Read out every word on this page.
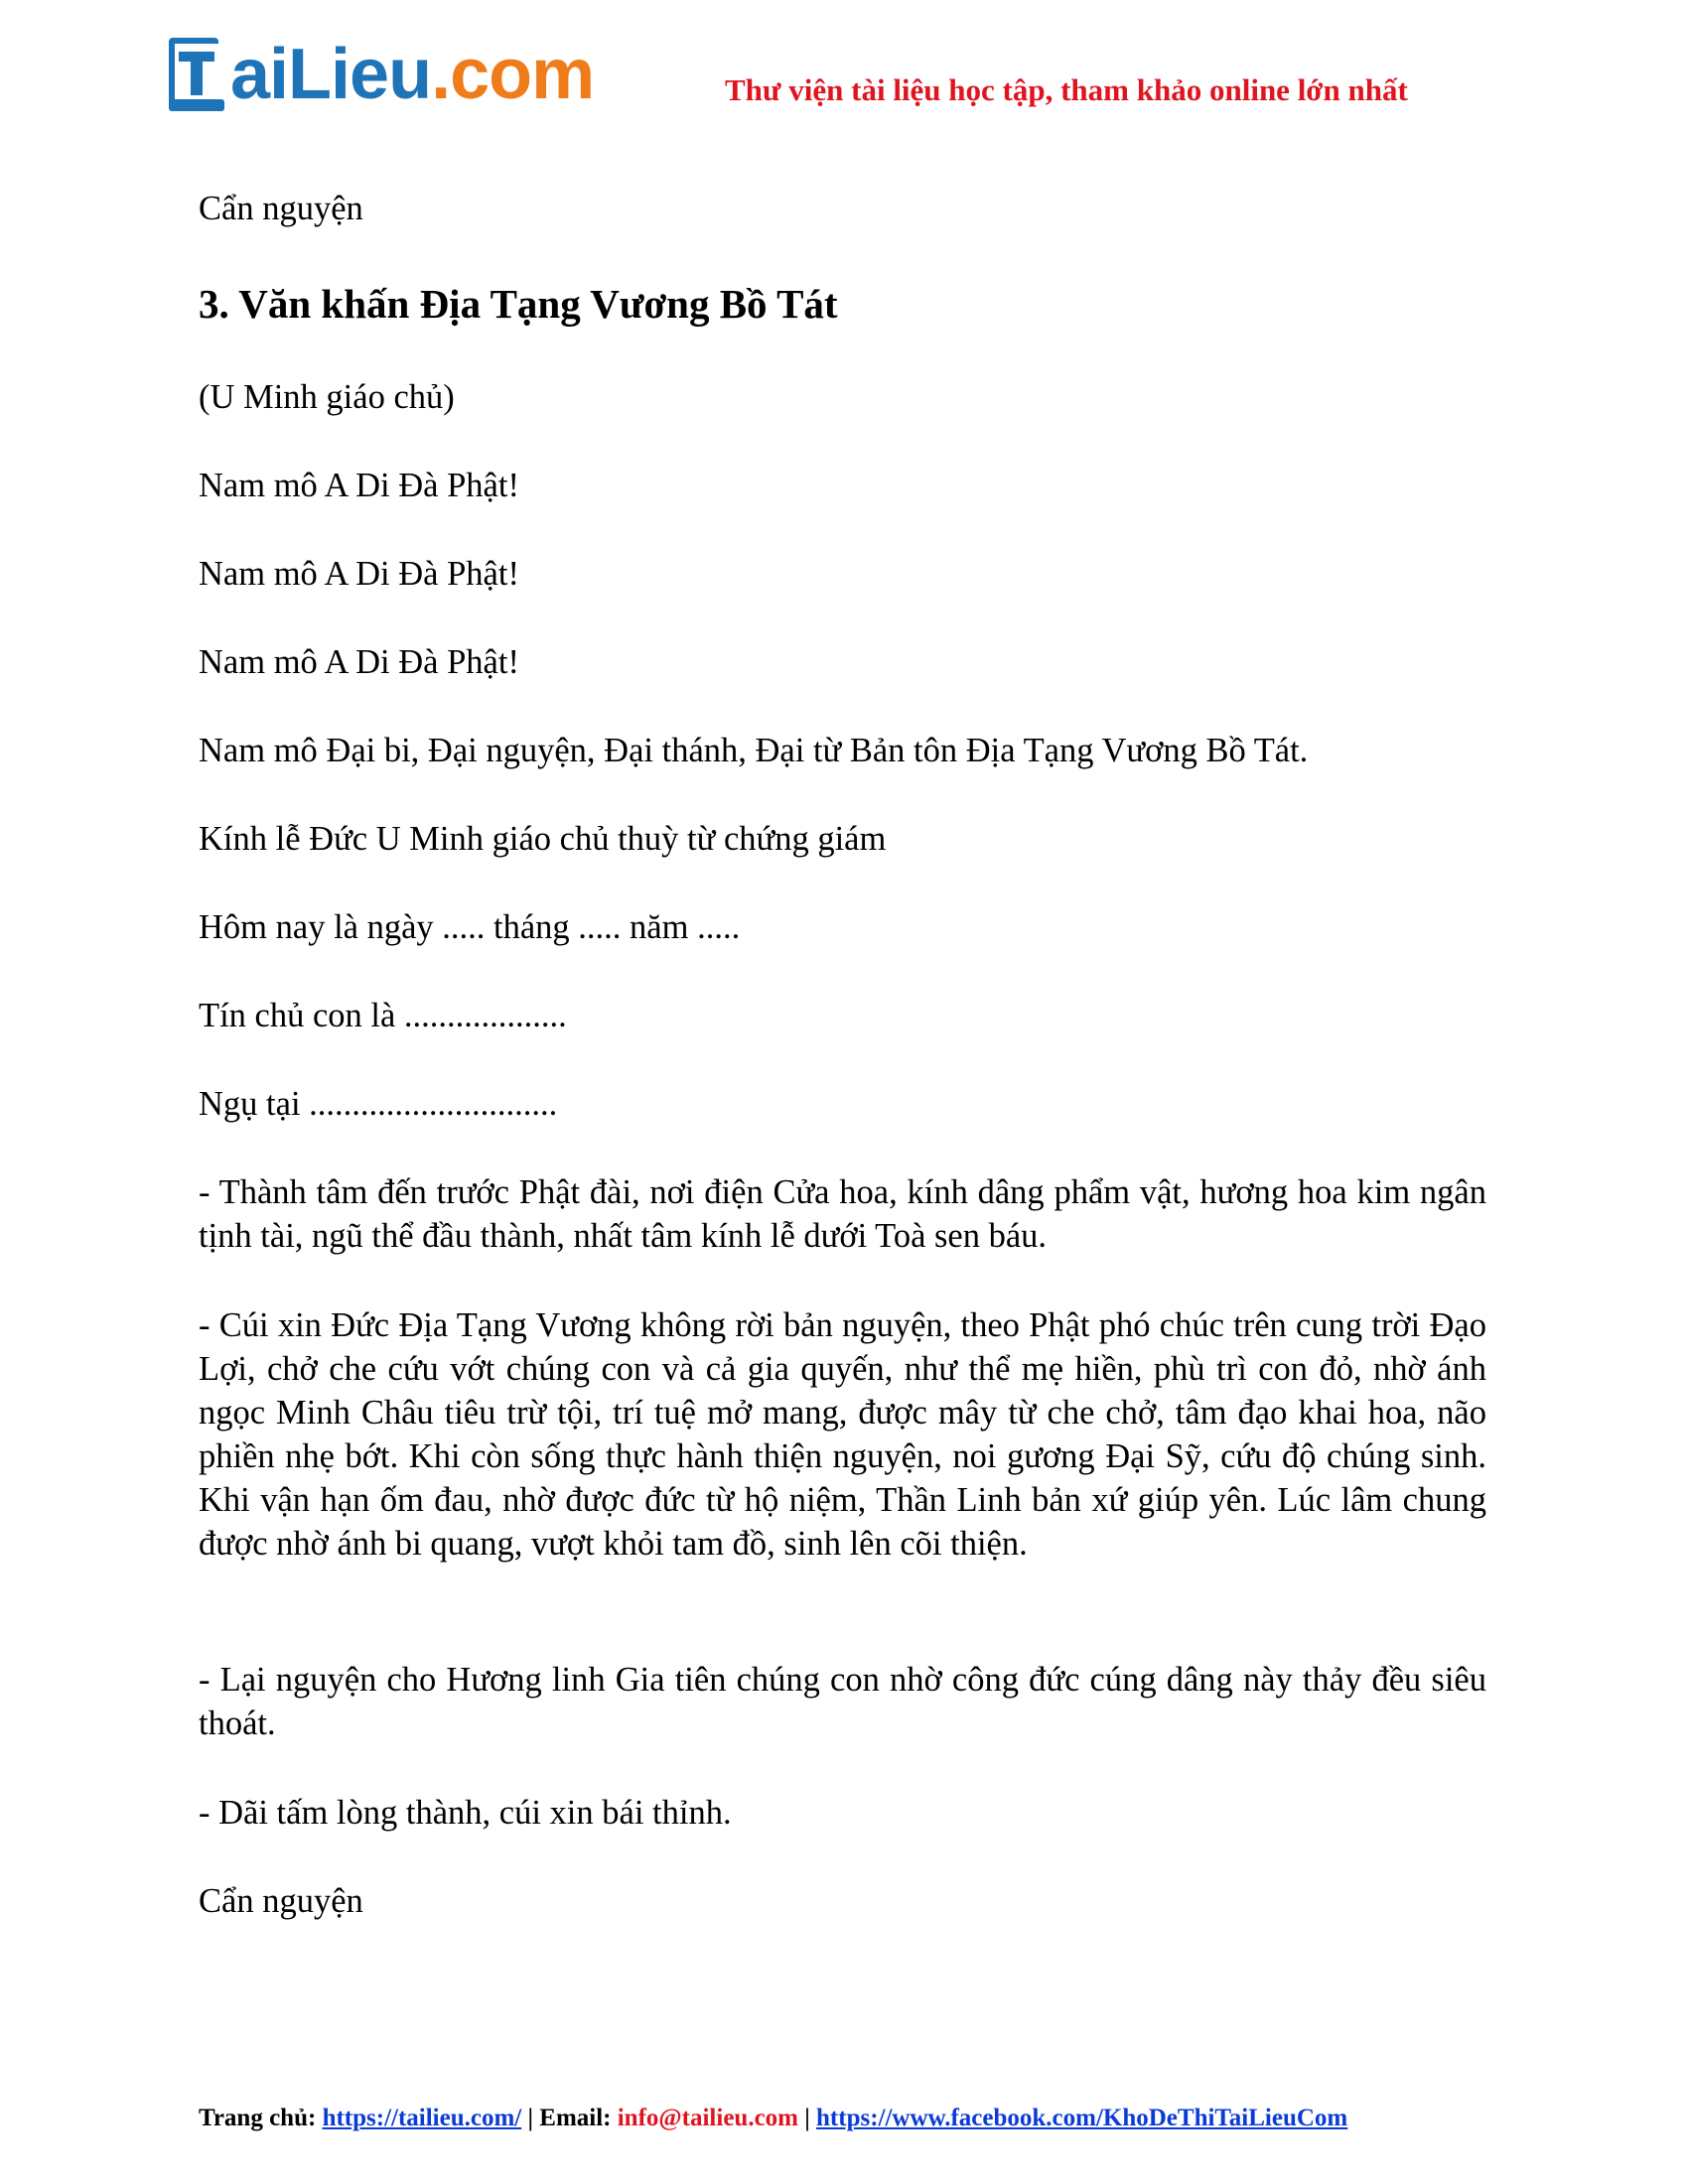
aiLieu.com	Thư viện tài liệu học tập, tham khảo online lớn nhất

Cẩn nguyện

3. Văn khấn Địa Tạng Vương Bồ Tát

(U Minh giáo chủ)

Nam mô A Di Đà Phật!

Nam mô A Di Đà Phật!

Nam mô A Di Đà Phật!

Nam mô Đại bi, Đại nguyện, Đại thánh, Đại từ Bản tôn Địa Tạng Vương Bồ Tát.

Kính lễ Đức U Minh giáo chủ thuỳ từ chứng giám

Hôm nay là ngày ..... tháng ..... năm .....

Tín chủ con là ...................

Ngụ tại .............................

- Thành tâm đến trước Phật đài, nơi điện Cửa hoa, kính dâng phẩm vật, hương hoa kim ngân tịnh tài, ngũ thể đầu thành, nhất tâm kính lễ dưới Toà sen báu.

- Cúi xin Đức Địa Tạng Vương không rời bản nguyện, theo Phật phó chúc trên cung trời Đạo Lợi, chở che cứu vớt chúng con và cả gia quyến, như thể mẹ hiền, phù trì con đỏ, nhờ ánh ngọc Minh Châu tiêu trừ tội, trí tuệ mở mang, được mây từ che chở, tâm đạo khai hoa, não phiền nhẹ bớt. Khi còn sống thực hành thiện nguyện, noi gương Đại Sỹ, cứu độ chúng sinh. Khi vận hạn ốm đau, nhờ được đức từ hộ niệm, Thần Linh bản xứ giúp yên. Lúc lâm chung được nhờ ánh bi quang, vượt khỏi tam đồ, sinh lên cõi thiện.

- Lại nguyện cho Hương linh Gia tiên chúng con nhờ công đức cúng dâng này thảy đều siêu thoát.

- Dãi tấm lòng thành, cúi xin bái thỉnh.

Cẩn nguyện

Trang chủ: https://tailieu.com/ | Email: info@tailieu.com | https://www.facebook.com/KhoDeThiTaiLieuCom
